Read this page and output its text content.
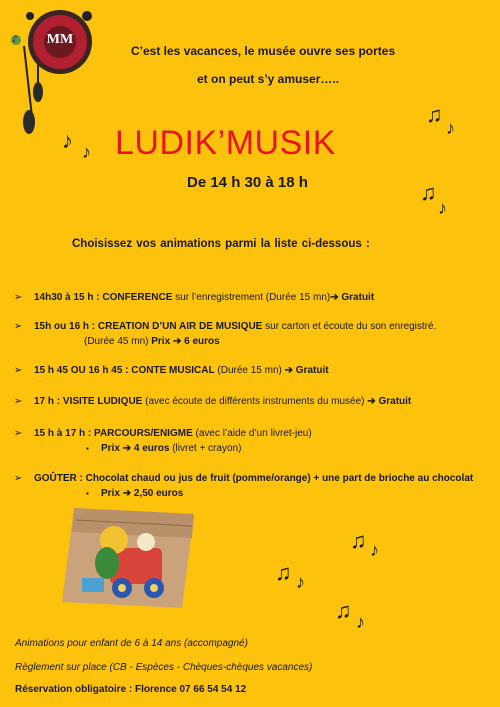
♪ MM
C’est les vacances, le musée ouvre ses portes
et on peut s’y amuser…..
LUDIK’MUSIK
De 14 h 30 à 18 h
Choisissez vos animations parmi la liste ci-dessous :
➢ 14h30 à 15 h : CONFERENCE sur l’enregistrement (Durée 15 mn)➔ Gratuit
➢ 15h ou 16 h : CREATION D’UN AIR DE MUSIQUE sur carton et écoute du son enregistré.
(Durée 45 mn) Prix ➔ 6 euros
➢ 15 h 45 OU 16 h 45 : CONTE MUSICAL (Durée 15 mn) ➔ Gratuit
➢ 17 h : VISITE LUDIQUE (avec écoute de différents instruments du musée) ➔ Gratuit
➢ 15 h à 17 h : PARCOURS/ENIGME (avec l’aide d’un livret-jeu)
▪ Prix ➔ 4 euros (livret + crayon)
➢ GOÛTER : Chocolat chaud ou jus de fruit (pomme/orange) + une part de brioche au chocolat
▪ Prix ➔ 2,50 euros
♪ ♪
♫
♪
♫
♪
♫ ♪
♫ ♪
♫ ♪
Animations pour enfant de 6 à 14 ans (accompagné)
Règlement sur place (CB - Espèces - Chèques-chèques vacances)
Réservation obligatoire : Florence 07 66 54 54 12
